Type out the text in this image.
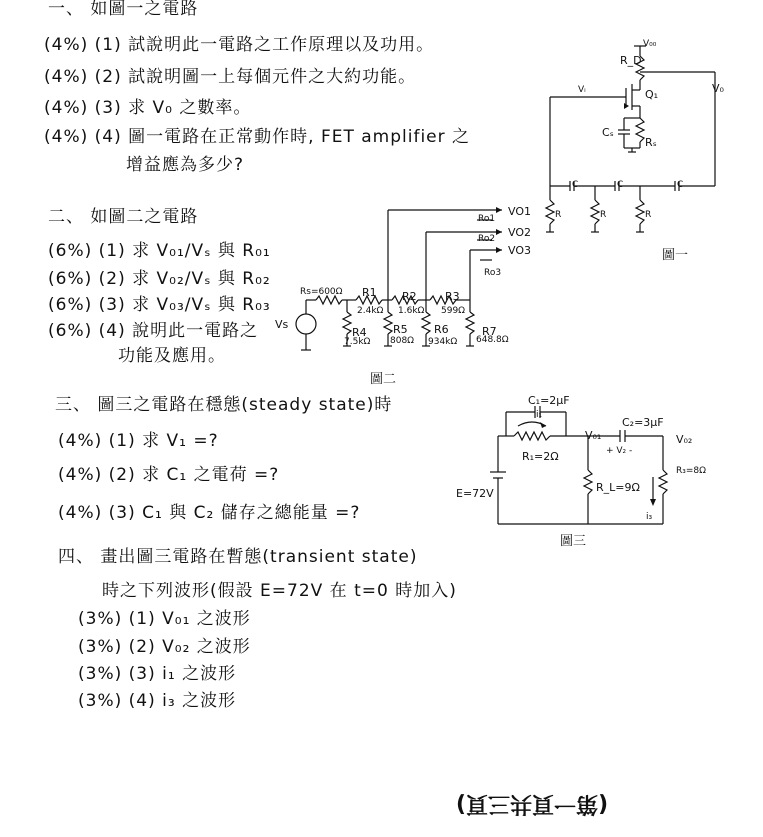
一、 如圖一之電路
(4%) (1) 試說明此一電路之工作原理以及功用。
(4%) (2) 試說明圖一上每個元件之大約功能。
(4%) (3) 求 V₀ 之數率。
(4%) (4) 圖一電路在正常動作時, FET amplifier 之
增益應為多少?
V₀₀
R_D
Q₁	V₀
Vᵢ
Cₛ
Rₛ
C	C	C
R	R	R
圖一
二、 如圖二之電路
(6%) (1) 求 V₀₁/Vₛ 與 R₀₁
(6%) (2) 求 V₀₂/Vₛ 與 R₀₂
(6%) (3) 求 V₀₃/Vₛ 與 R₀₃
(6%) (4) 說明此一電路之
功能及應用。
Rs=600Ω
Vs
R1
2.4kΩ
R2
1.6kΩ
R3
599Ω
R4
7.5kΩ
R5
808Ω
R6
934kΩ
R7
648.8Ω
VO1
VO2
VO3
Ro1
Ro2
Ro3
圖二
三、 圖三之電路在穩態(steady state)時
(4%) (1) 求 V₁ =?
(4%) (2) 求 C₁ 之電荷 =?
(4%) (3) C₁ 與 C₂ 儲存之總能量 =?
C₁=2μF
C₂=3μF
i₁
R₁=2Ω
V₀₁	V₀₂
+ V₂ -
E=72V	R_L=9Ω
R₃=8Ω
i₃
圖三
四、 畫出圖三電路在暫態(transient state)
時之下列波形(假設 E=72V 在 t=0 時加入)
(3%) (1) V₀₁ 之波形
(3%) (2) V₀₂ 之波形
(3%) (3) i₁ 之波形
(3%) (4) i₃ 之波形
(第一頁共三頁)
